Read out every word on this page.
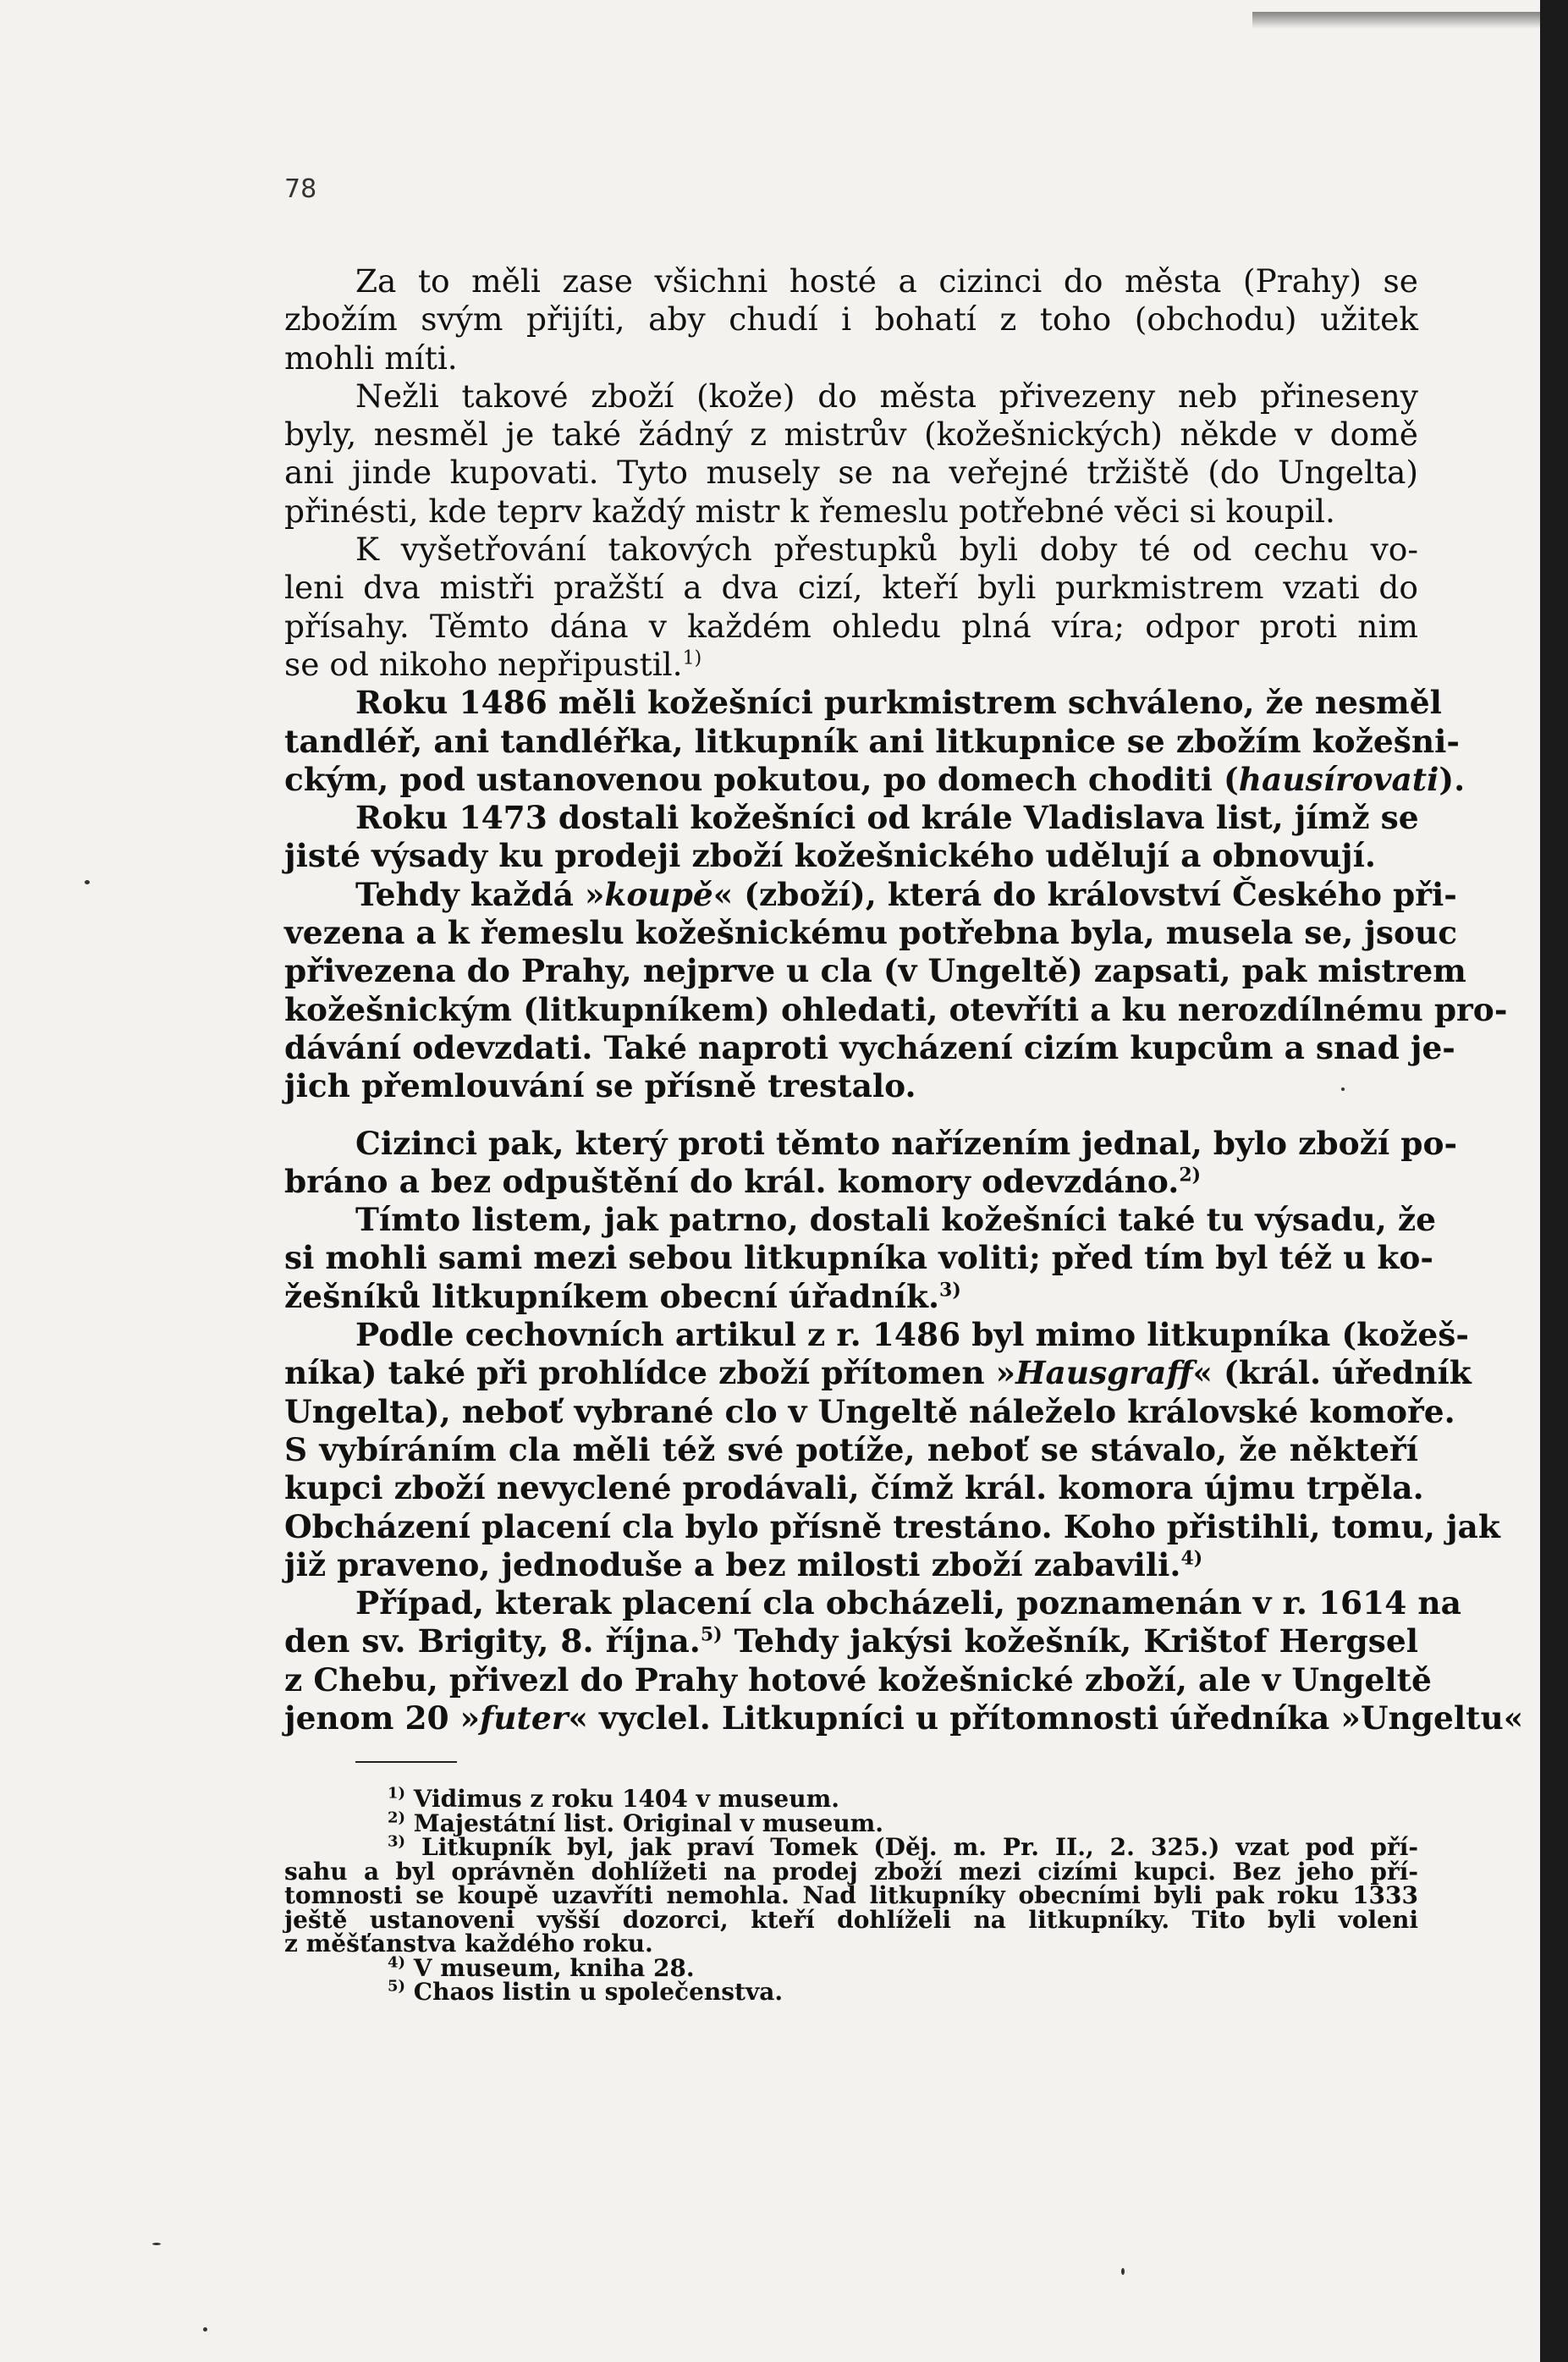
78
Za to měli zase všichni hosté a cizinci do města (Prahy) se
zbožím svým přijíti, aby chudí i bohatí z toho (obchodu) užitek
mohli míti.
Nežli takové zboží (kože) do města přivezeny neb přineseny
byly, nesměl je také žádný z mistrův (kožešnických) někde v domě
ani jinde kupovati. Tyto musely se na veřejné tržiště (do Ungelta)
přinésti, kde teprv každý mistr k řemeslu potřebné věci si koupil.
K vyšetřování takových přestupků byli doby té od cechu vo-
leni dva mistři pražští a dva cizí, kteří byli purkmistrem vzati do
přísahy. Těmto dána v každém ohledu plná víra; odpor proti nim
se od nikoho nepřipustil.$^{1)}$
Roku 1486 měli kožešníci purkmistrem schváleno, že nesměl
tandléř, ani tandléřka, litkupník ani litkupnice se zbožím kožešni-
ckým, pod ustanovenou pokutou, po domech choditi (hausírovati).
Roku 1473 dostali kožešníci od krále Vladislava list, jímž se
jisté výsady ku prodeji zboží kožešnického udělují a obnovují.
Tehdy každá »koupě« (zboží), která do království Českého při-
vezena a k řemeslu kožešnickému potřebna byla, musela se, jsouc
přivezena do Prahy, nejprve u cla (v Ungeltě) zapsati, pak mistrem
kožešnickým (litkupníkem) ohledati, otevříti a ku nerozdílnému pro-
dávání odevzdati. Také naproti vycházení cizím kupcům a snad je-
jich přemlouvání se přísně trestalo.
Cizinci pak, který proti těmto nařízením jednal, bylo zboží po-
bráno a bez odpuštění do král. komory odevzdáno.$^{2)}$
Tímto listem, jak patrno, dostali kožešníci také tu výsadu, že
si mohli sami mezi sebou litkupníka voliti; před tím byl též u ko-
žešníků litkupníkem obecní úřadník.$^{3)}$
Podle cechovních artikul z r. 1486 byl mimo litkupníka (kožeš-
níka) také při prohlídce zboží přítomen »Hausgraff« (král. úředník
Ungelta), neboť vybrané clo v Ungeltě náleželo královské komoře.
S vybíráním cla měli též své potíže, neboť se stávalo, že někteří
kupci zboží nevyclené prodávali, čímž král. komora újmu trpěla.
Obcházení placení cla bylo přísně trestáno. Koho přistihli, tomu, jak
již praveno, jednoduše a bez milosti zboží zabavili.$^{4)}$
Případ, kterak placení cla obcházeli, poznamenán v r. 1614 na
den sv. Brigity, 8. října.$^{5)}$ Tehdy jakýsi kožešník, Krištof Hergsel
z Chebu, přivezl do Prahy hotové kožešnické zboží, ale v Ungeltě
jenom 20 »futer« vyclel. Litkupníci u přítomnosti úředníka »Ungeltu«
$^{1)}$ Vidimus z roku 1404 v museum.
$^{2)}$ Majestátní list. Original v museum.
$^{3)}$ Litkupník byl, jak praví Tomek (Děj. m. Pr. II., 2. 325.) vzat pod pří-
sahu a byl oprávněn dohlížeti na prodej zboží mezi cizími kupci. Bez jeho pří-
tomnosti se koupě uzavříti nemohla. Nad litkupníky obecními byli pak roku 1333
ještě ustanoveni vyšší dozorci, kteří dohlíželi na litkupníky. Tito byli voleni
z měšťanstva každého roku.
$^{4)}$ V museum, kniha 28.
$^{5)}$ Chaos listin u společenstva.
